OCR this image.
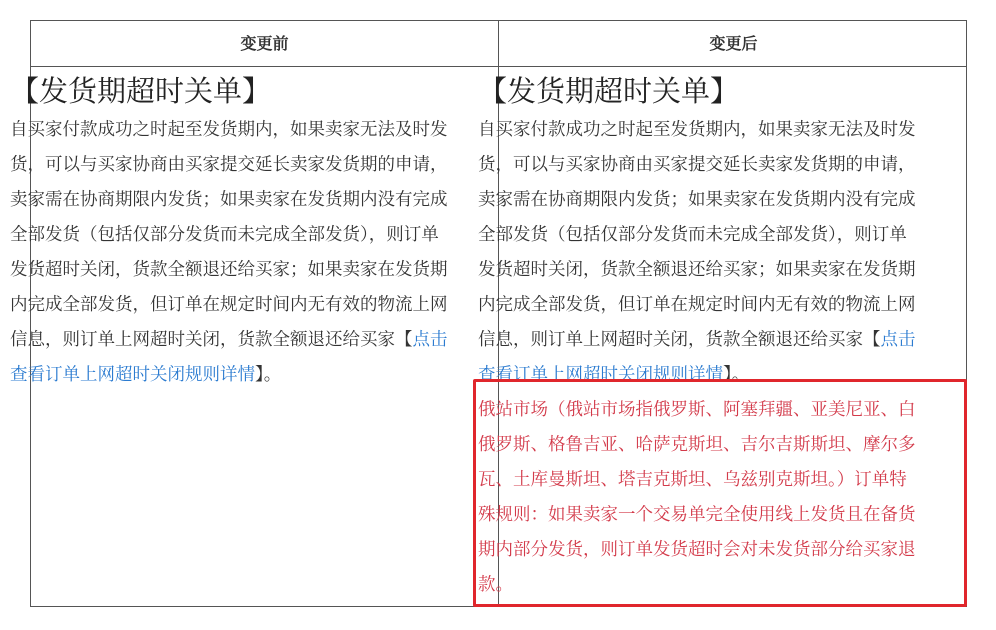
变更前	变更后
【发货期超时关单】

自买家付款成功之时起至发货期内，如果卖家无法及时发货，可以与买家协商由买家提交延长卖家发货期的申请，卖家需在协商期限内发货；如果卖家在发货期内没有完成全部发货（包括仅部分发货而未完成全部发货），则订单发货超时关闭，货款全额退还给买家；如果卖家在发货期内完成全部发货，但订单在规定时间内无有效的物流上网信息，则订单上网超时关闭，货款全额退还给买家【点击查看订单上网超时关闭规则详情】。

【发货期超时关单】

自买家付款成功之时起至发货期内，如果卖家无法及时发货，可以与买家协商由买家提交延长卖家发货期的申请，卖家需在协商期限内发货；如果卖家在发货期内没有完成全部发货（包括仅部分发货而未完成全部发货），则订单发货超时关闭，货款全额退还给买家；如果卖家在发货期内完成全部发货，但订单在规定时间内无有效的物流上网信息，则订单上网超时关闭，货款全额退还给买家【点击查看订单上网超时关闭规则详情】。

俄站市场（俄站市场指俄罗斯、阿塞拜疆、亚美尼亚、白俄罗斯、格鲁吉亚、哈萨克斯坦、吉尔吉斯斯坦、摩尔多瓦、土库曼斯坦、塔吉克斯坦、乌兹别克斯坦。）订单特殊规则：如果卖家一个交易单完全使用线上发货且在备货期内部分发货，则订单发货超时会对未发货部分给买家退款。
